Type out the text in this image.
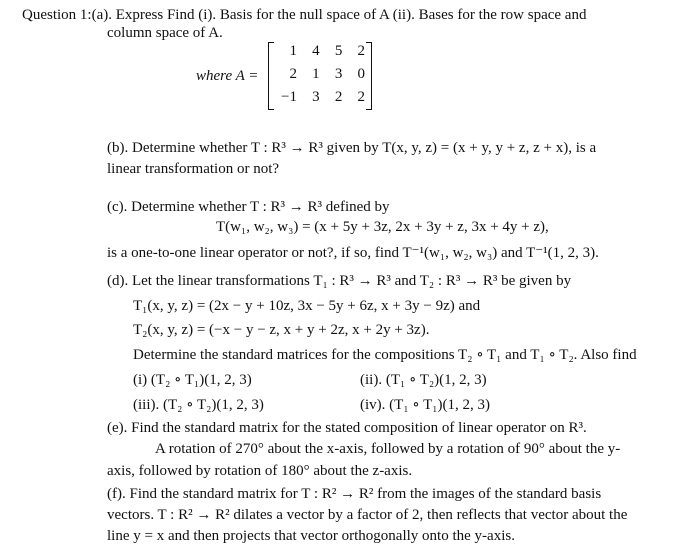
Question 1:(a). Express Find (i). Basis for the null space of A (ii). Bases for the row space and
column space of A.
where A =
1	4	5	2
2	1	3	0
−1	3	2	2
(b). Determine whether T : R³ → R³ given by T(x, y, z) = (x + y, y + z, z + x), is a
linear transformation or not?
(c). Determine whether T : R³ → R³ defined by
T(w₁, w₂, w₃) = (x + 5y + 3z, 2x + 3y + z, 3x + 4y + z),
is a one-to-one linear operator or not?, if so, find T⁻¹(w₁, w₂, w₃) and T⁻¹(1, 2, 3).
(d). Let the linear transformations T₁ : R³ → R³ and T₂ : R³ → R³ be given by
T₁(x, y, z) = (2x − y + 10z, 3x − 5y + 6z, x + 3y − 9z) and
T₂(x, y, z) = (−x − y − z, x + y + 2z, x + 2y + 3z).
Determine the standard matrices for the compositions T₂ ∘ T₁ and T₁ ∘ T₂. Also find
(i) (T₂ ∘ T₁)(1, 2, 3)	(ii). (T₁ ∘ T₂)(1, 2, 3)
(iii). (T₂ ∘ T₂)(1, 2, 3)	(iv). (T₁ ∘ T₁)(1, 2, 3)
(e). Find the standard matrix for the stated composition of linear operator on R³.
A rotation of 270° about the x-axis, followed by a rotation of 90° about the y-
axis, followed by rotation of 180° about the z-axis.
(f). Find the standard matrix for T : R² → R² from the images of the standard basis
vectors. T : R² → R² dilates a vector by a factor of 2, then reflects that vector about the
line y = x and then projects that vector orthogonally onto the y-axis.
